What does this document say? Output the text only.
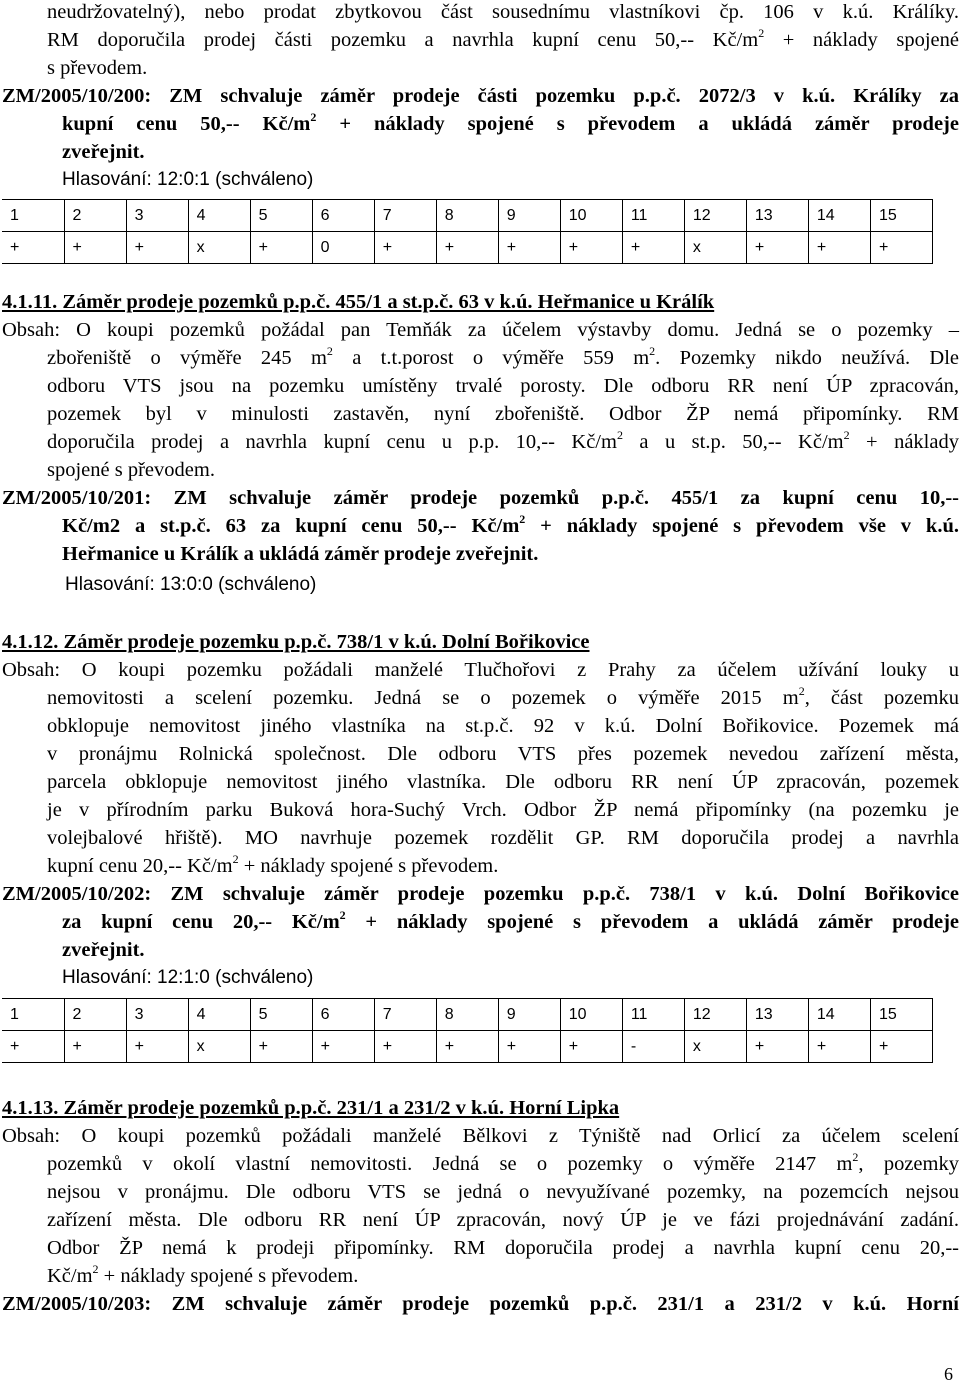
neudržovatelný), nebo prodat zbytkovou část sousednímu vlastníkovi čp. 106 v k.ú. Králíky.

RM doporučila prodej části pozemku a navrhla kupní cenu 50,-- $Kč/m^2$ + náklady spojené

s převodem.

ZM/2005/10/200: ZM schvaluje záměr prodeje části pozemku p.p.č. 2072/3 v k.ú. Králíky za

kupní cenu 50,-- $Kč/m^2$ + náklady spojené s převodem a ukládá záměr prodeje

zveřejnit.

Hlasování: 12:0:1 (schváleno)

1	2	3	4	5	6	7	8	9	10	11	12	13	14	15
+	+	+	x	+	0	+	+	+	+	+	x	+	+	+

4.1.11. Záměr prodeje pozemků p.p.č. 455/1 a st.p.č. 63 v k.ú. Heřmanice u Králík

Obsah: O koupi pozemků požádal pan Temňák za účelem výstavby domu. Jedná se o pozemky –

zbořeniště o výměře 245 $m^2$ a t.t.porost o výměře 559 $m^2$. Pozemky nikdo neužívá. Dle

odboru VTS jsou na pozemku umístěny trvalé porosty. Dle odboru RR není ÚP zpracován,

pozemek byl v minulosti zastavěn, nyní zbořeniště. Odbor ŽP nemá připomínky. RM

doporučila prodej a navrhla kupní cenu u p.p. 10,-- $Kč/m^2$ a u st.p. 50,-- $Kč/m^2$ + náklady

spojené s převodem.

ZM/2005/10/201: ZM schvaluje záměr prodeje pozemků p.p.č. 455/1 za kupní cenu 10,--

Kč/m2 a st.p.č. 63 za kupní cenu 50,-- $Kč/m^2$ + náklady spojené s převodem vše v k.ú.

Heřmanice u Králík a ukládá záměr prodeje zveřejnit.

Hlasování: 13:0:0 (schváleno)

4.1.12. Záměr prodeje pozemku p.p.č. 738/1 v k.ú. Dolní Bořikovice

Obsah: O koupi pozemku požádali manželé Tlučhořovi z Prahy za účelem užívání louky u

nemovitosti a scelení pozemku. Jedná se o pozemek o výměře 2015 $m^2$, část pozemku

obklopuje nemovitost jiného vlastníka na st.p.č. 92 v k.ú. Dolní Bořikovice. Pozemek má

v pronájmu Rolnická společnost. Dle odboru VTS přes pozemek nevedou zařízení města,

parcela obklopuje nemovitost jiného vlastníka. Dle odboru RR není ÚP zpracován, pozemek

je v přírodním parku Buková hora-Suchý Vrch. Odbor ŽP nemá připomínky (na pozemku je

volejbalové hřiště). MO navrhuje pozemek rozdělit GP. RM doporučila prodej a navrhla

kupní cenu 20,-- $Kč/m^2$ + náklady spojené s převodem.

ZM/2005/10/202: ZM schvaluje záměr prodeje pozemku p.p.č. 738/1 v k.ú. Dolní Bořikovice

za kupní cenu 20,-- $Kč/m^2$ + náklady spojené s převodem a ukládá záměr prodeje

zveřejnit.

Hlasování: 12:1:0 (schváleno)

1	2	3	4	5	6	7	8	9	10	11	12	13	14	15
+	+	+	x	+	+	+	+	+	+	-	x	+	+	+

4.1.13. Záměr prodeje pozemků p.p.č. 231/1 a 231/2 v k.ú. Horní Lipka

Obsah: O koupi pozemků požádali manželé Bělkovi z Týniště nad Orlicí za účelem scelení

pozemků v okolí vlastní nemovitosti. Jedná se o pozemky o výměře 2147 $m^2$, pozemky

nejsou v pronájmu. Dle odboru VTS se jedná o nevyužívané pozemky, na pozemcích nejsou

zařízení města. Dle odboru RR není ÚP zpracován, nový ÚP je ve fázi projednávání zadání.

Odbor ŽP nemá k prodeji připomínky. RM doporučila prodej a navrhla kupní cenu 20,--

$Kč/m^2$ + náklady spojené s převodem.

ZM/2005/10/203: ZM schvaluje záměr prodeje pozemků p.p.č. 231/1 a 231/2 v k.ú. Horní

6
